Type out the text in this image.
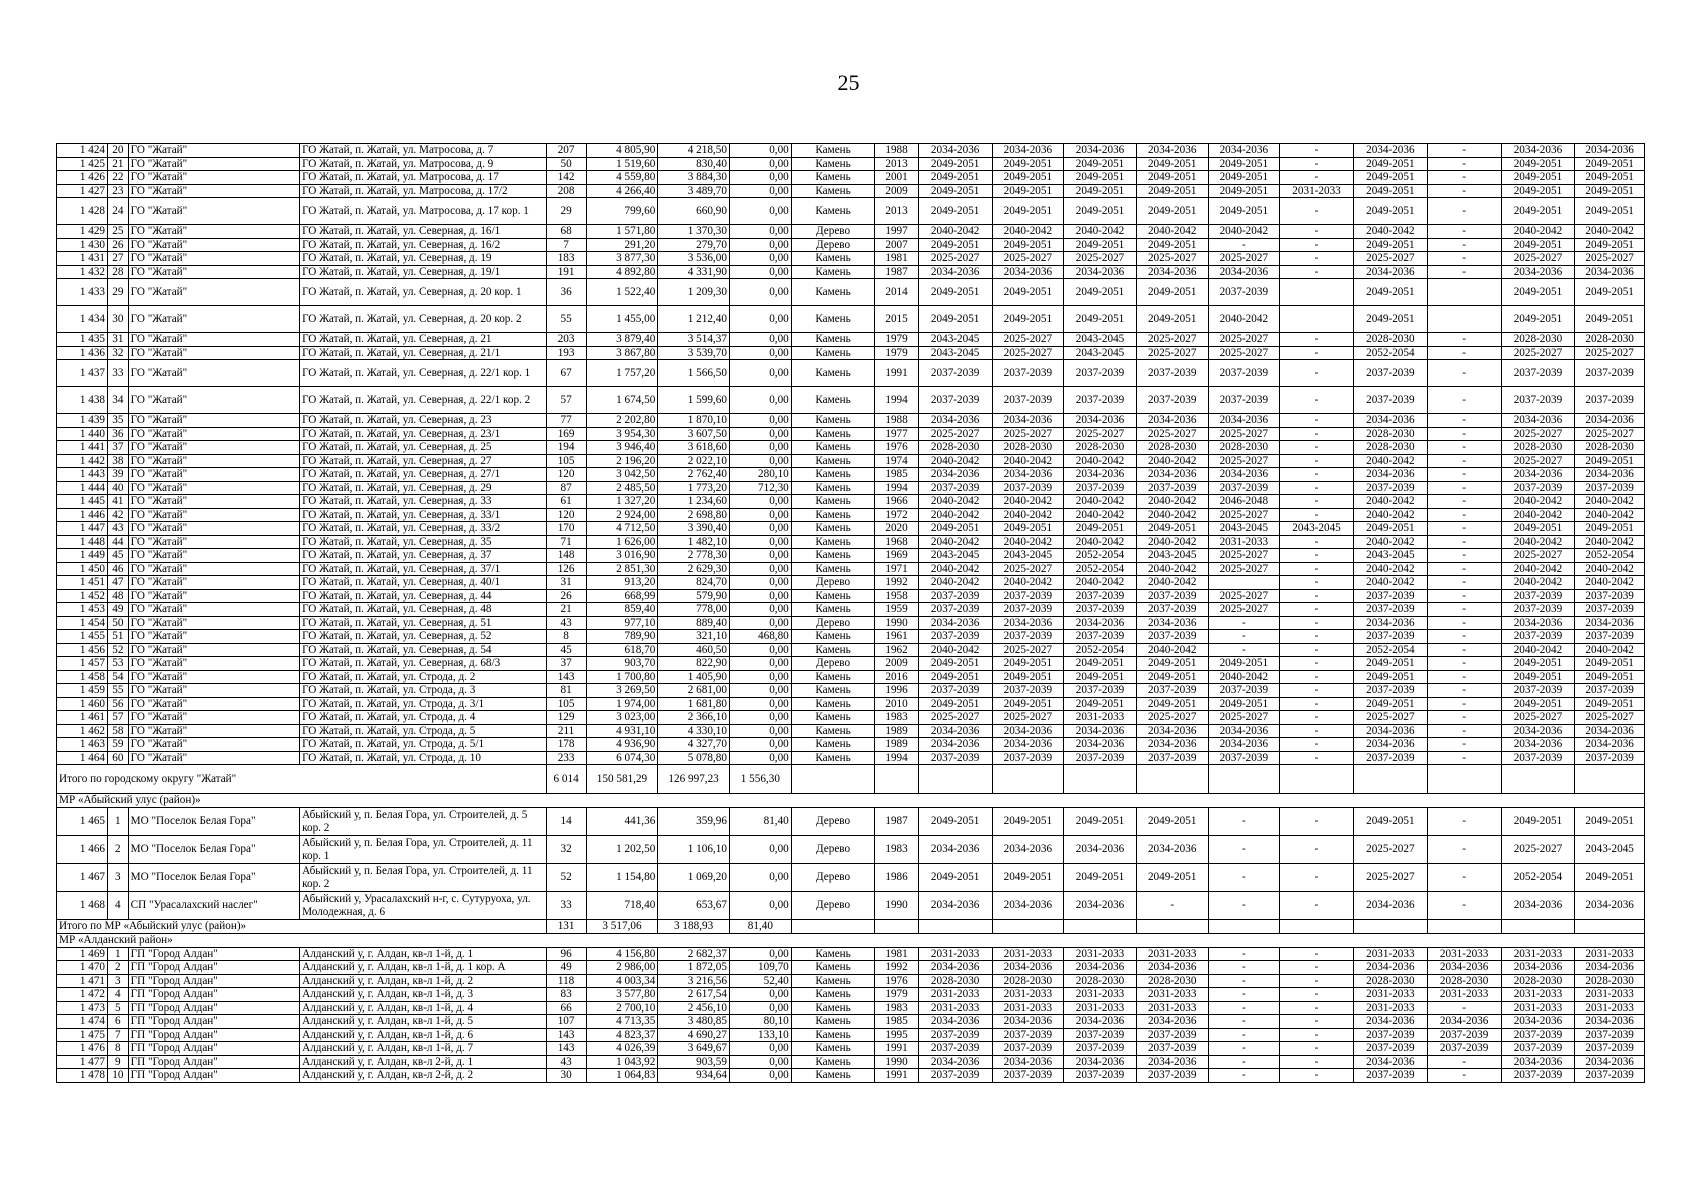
25
1 424	20	ГО "Жатай"	ГО Жатай, п. Жатай, ул. Матросова, д. 7	207	4 805,90	4 218,50	0,00	Камень	1988	2034-2036	2034-2036	2034-2036	2034-2036	2034-2036	-	2034-2036	-	2034-2036	2034-2036
1 425	21	ГО "Жатай"	ГО Жатай, п. Жатай, ул. Матросова, д. 9	50	1 519,60	830,40	0,00	Камень	2013	2049-2051	2049-2051	2049-2051	2049-2051	2049-2051	-	2049-2051	-	2049-2051	2049-2051
1 426	22	ГО "Жатай"	ГО Жатай, п. Жатай, ул. Матросова, д. 17	142	4 559,80	3 884,30	0,00	Камень	2001	2049-2051	2049-2051	2049-2051	2049-2051	2049-2051	-	2049-2051	-	2049-2051	2049-2051
1 427	23	ГО "Жатай"	ГО Жатай, п. Жатай, ул. Матросова, д. 17/2	208	4 266,40	3 489,70	0,00	Камень	2009	2049-2051	2049-2051	2049-2051	2049-2051	2049-2051	2031-2033	2049-2051	-	2049-2051	2049-2051
1 428	24	ГО "Жатай"	ГО Жатай, п. Жатай, ул. Матросова, д. 17 кор. 1	29	799,60	660,90	0,00	Камень	2013	2049-2051	2049-2051	2049-2051	2049-2051	2049-2051	-	2049-2051	-	2049-2051	2049-2051
1 429	25	ГО "Жатай"	ГО Жатай, п. Жатай, ул. Северная, д. 16/1	68	1 571,80	1 370,30	0,00	Дерево	1997	2040-2042	2040-2042	2040-2042	2040-2042	2040-2042	-	2040-2042	-	2040-2042	2040-2042
1 430	26	ГО "Жатай"	ГО Жатай, п. Жатай, ул. Северная, д. 16/2	7	291,20	279,70	0,00	Дерево	2007	2049-2051	2049-2051	2049-2051	2049-2051	-	-	2049-2051	-	2049-2051	2049-2051
1 431	27	ГО "Жатай"	ГО Жатай, п. Жатай, ул. Северная, д. 19	183	3 877,30	3 536,00	0,00	Камень	1981	2025-2027	2025-2027	2025-2027	2025-2027	2025-2027	-	2025-2027	-	2025-2027	2025-2027
1 432	28	ГО "Жатай"	ГО Жатай, п. Жатай, ул. Северная, д. 19/1	191	4 892,80	4 331,90	0,00	Камень	1987	2034-2036	2034-2036	2034-2036	2034-2036	2034-2036	-	2034-2036	-	2034-2036	2034-2036
1 433	29	ГО "Жатай"	ГО Жатай, п. Жатай, ул. Северная, д. 20 кор. 1	36	1 522,40	1 209,30	0,00	Камень	2014	2049-2051	2049-2051	2049-2051	2049-2051	2037-2039		2049-2051		2049-2051	2049-2051
1 434	30	ГО "Жатай"	ГО Жатай, п. Жатай, ул. Северная, д. 20 кор. 2	55	1 455,00	1 212,40	0,00	Камень	2015	2049-2051	2049-2051	2049-2051	2049-2051	2040-2042		2049-2051		2049-2051	2049-2051
1 435	31	ГО "Жатай"	ГО Жатай, п. Жатай, ул. Северная, д. 21	203	3 879,40	3 514,37	0,00	Камень	1979	2043-2045	2025-2027	2043-2045	2025-2027	2025-2027	-	2028-2030	-	2028-2030	2028-2030
1 436	32	ГО "Жатай"	ГО Жатай, п. Жатай, ул. Северная, д. 21/1	193	3 867,80	3 539,70	0,00	Камень	1979	2043-2045	2025-2027	2043-2045	2025-2027	2025-2027	-	2052-2054	-	2025-2027	2025-2027
1 437	33	ГО "Жатай"	ГО Жатай, п. Жатай, ул. Северная, д. 22/1 кор. 1	67	1 757,20	1 566,50	0,00	Камень	1991	2037-2039	2037-2039	2037-2039	2037-2039	2037-2039	-	2037-2039	-	2037-2039	2037-2039
1 438	34	ГО "Жатай"	ГО Жатай, п. Жатай, ул. Северная, д. 22/1 кор. 2	57	1 674,50	1 599,60	0,00	Камень	1994	2037-2039	2037-2039	2037-2039	2037-2039	2037-2039	-	2037-2039	-	2037-2039	2037-2039
1 439	35	ГО "Жатай"	ГО Жатай, п. Жатай, ул. Северная, д. 23	77	2 202,80	1 870,10	0,00	Камень	1988	2034-2036	2034-2036	2034-2036	2034-2036	2034-2036	-	2034-2036	-	2034-2036	2034-2036
1 440	36	ГО "Жатай"	ГО Жатай, п. Жатай, ул. Северная, д. 23/1	169	3 954,30	3 607,50	0,00	Камень	1977	2025-2027	2025-2027	2025-2027	2025-2027	2025-2027	-	2028-2030	-	2025-2027	2025-2027
1 441	37	ГО "Жатай"	ГО Жатай, п. Жатай, ул. Северная, д. 25	194	3 946,40	3 618,60	0,00	Камень	1976	2028-2030	2028-2030	2028-2030	2028-2030	2028-2030	-	2028-2030	-	2028-2030	2028-2030
1 442	38	ГО "Жатай"	ГО Жатай, п. Жатай, ул. Северная, д. 27	105	2 196,20	2 022,10	0,00	Камень	1974	2040-2042	2040-2042	2040-2042	2040-2042	2025-2027	-	2040-2042	-	2025-2027	2049-2051
1 443	39	ГО "Жатай"	ГО Жатай, п. Жатай, ул. Северная, д. 27/1	120	3 042,50	2 762,40	280,10	Камень	1985	2034-2036	2034-2036	2034-2036	2034-2036	2034-2036	-	2034-2036	-	2034-2036	2034-2036
1 444	40	ГО "Жатай"	ГО Жатай, п. Жатай, ул. Северная, д. 29	87	2 485,50	1 773,20	712,30	Камень	1994	2037-2039	2037-2039	2037-2039	2037-2039	2037-2039	-	2037-2039	-	2037-2039	2037-2039
1 445	41	ГО "Жатай"	ГО Жатай, п. Жатай, ул. Северная, д. 33	61	1 327,20	1 234,60	0,00	Камень	1966	2040-2042	2040-2042	2040-2042	2040-2042	2046-2048	-	2040-2042	-	2040-2042	2040-2042
1 446	42	ГО "Жатай"	ГО Жатай, п. Жатай, ул. Северная, д. 33/1	120	2 924,00	2 698,80	0,00	Камень	1972	2040-2042	2040-2042	2040-2042	2040-2042	2025-2027	-	2040-2042	-	2040-2042	2040-2042
1 447	43	ГО "Жатай"	ГО Жатай, п. Жатай, ул. Северная, д. 33/2	170	4 712,50	3 390,40	0,00	Камень	2020	2049-2051	2049-2051	2049-2051	2049-2051	2043-2045	2043-2045	2049-2051	-	2049-2051	2049-2051
1 448	44	ГО "Жатай"	ГО Жатай, п. Жатай, ул. Северная, д. 35	71	1 626,00	1 482,10	0,00	Камень	1968	2040-2042	2040-2042	2040-2042	2040-2042	2031-2033	-	2040-2042	-	2040-2042	2040-2042
1 449	45	ГО "Жатай"	ГО Жатай, п. Жатай, ул. Северная, д. 37	148	3 016,90	2 778,30	0,00	Камень	1969	2043-2045	2043-2045	2052-2054	2043-2045	2025-2027	-	2043-2045	-	2025-2027	2052-2054
1 450	46	ГО "Жатай"	ГО Жатай, п. Жатай, ул. Северная, д. 37/1	126	2 851,30	2 629,30	0,00	Камень	1971	2040-2042	2025-2027	2052-2054	2040-2042	2025-2027	-	2040-2042	-	2040-2042	2040-2042
1 451	47	ГО "Жатай"	ГО Жатай, п. Жатай, ул. Северная, д. 40/1	31	913,20	824,70	0,00	Дерево	1992	2040-2042	2040-2042	2040-2042	2040-2042		-	2040-2042	-	2040-2042	2040-2042
1 452	48	ГО "Жатай"	ГО Жатай, п. Жатай, ул. Северная, д. 44	26	668,99	579,90	0,00	Камень	1958	2037-2039	2037-2039	2037-2039	2037-2039	2025-2027	-	2037-2039	-	2037-2039	2037-2039
1 453	49	ГО "Жатай"	ГО Жатай, п. Жатай, ул. Северная, д. 48	21	859,40	778,00	0,00	Камень	1959	2037-2039	2037-2039	2037-2039	2037-2039	2025-2027	-	2037-2039	-	2037-2039	2037-2039
1 454	50	ГО "Жатай"	ГО Жатай, п. Жатай, ул. Северная, д. 51	43	977,10	889,40	0,00	Дерево	1990	2034-2036	2034-2036	2034-2036	2034-2036	-	-	2034-2036	-	2034-2036	2034-2036
1 455	51	ГО "Жатай"	ГО Жатай, п. Жатай, ул. Северная, д. 52	8	789,90	321,10	468,80	Камень	1961	2037-2039	2037-2039	2037-2039	2037-2039	-	-	2037-2039	-	2037-2039	2037-2039
1 456	52	ГО "Жатай"	ГО Жатай, п. Жатай, ул. Северная, д. 54	45	618,70	460,50	0,00	Камень	1962	2040-2042	2025-2027	2052-2054	2040-2042	-	-	2052-2054	-	2040-2042	2040-2042
1 457	53	ГО "Жатай"	ГО Жатай, п. Жатай, ул. Северная, д. 68/3	37	903,70	822,90	0,00	Дерево	2009	2049-2051	2049-2051	2049-2051	2049-2051	2049-2051	-	2049-2051	-	2049-2051	2049-2051
1 458	54	ГО "Жатай"	ГО Жатай, п. Жатай, ул. Строда, д. 2	143	1 700,80	1 405,90	0,00	Камень	2016	2049-2051	2049-2051	2049-2051	2049-2051	2040-2042	-	2049-2051	-	2049-2051	2049-2051
1 459	55	ГО "Жатай"	ГО Жатай, п. Жатай, ул. Строда, д. 3	81	3 269,50	2 681,00	0,00	Камень	1996	2037-2039	2037-2039	2037-2039	2037-2039	2037-2039	-	2037-2039	-	2037-2039	2037-2039
1 460	56	ГО "Жатай"	ГО Жатай, п. Жатай, ул. Строда, д. 3/1	105	1 974,00	1 681,80	0,00	Камень	2010	2049-2051	2049-2051	2049-2051	2049-2051	2049-2051	-	2049-2051	-	2049-2051	2049-2051
1 461	57	ГО "Жатай"	ГО Жатай, п. Жатай, ул. Строда, д. 4	129	3 023,00	2 366,10	0,00	Камень	1983	2025-2027	2025-2027	2031-2033	2025-2027	2025-2027	-	2025-2027	-	2025-2027	2025-2027
1 462	58	ГО "Жатай"	ГО Жатай, п. Жатай, ул. Строда, д. 5	211	4 931,10	4 330,10	0,00	Камень	1989	2034-2036	2034-2036	2034-2036	2034-2036	2034-2036	-	2034-2036	-	2034-2036	2034-2036
1 463	59	ГО "Жатай"	ГО Жатай, п. Жатай, ул. Строда, д. 5/1	178	4 936,90	4 327,70	0,00	Камень	1989	2034-2036	2034-2036	2034-2036	2034-2036	2034-2036	-	2034-2036	-	2034-2036	2034-2036
1 464	60	ГО "Жатай"	ГО Жатай, п. Жатай, ул. Строда, д. 10	233	6 074,30	5 078,80	0,00	Камень	1994	2037-2039	2037-2039	2037-2039	2037-2039	2037-2039	-	2037-2039	-	2037-2039	2037-2039
Итого по городскому округу "Жатай"				6 014	150 581,29	126 997,23	1 556,30												
МР «Абыйский улус (район)»																			
1 465	1	МО "Поселок Белая Гора"	Абыйский у, п. Белая Гора, ул. Строителей, д. 5 кор. 2	14	441,36	359,96	81,40	Дерево	1987	2049-2051	2049-2051	2049-2051	2049-2051	-	-	2049-2051	-	2049-2051	2049-2051
1 466	2	МО "Поселок Белая Гора"	Абыйский у, п. Белая Гора, ул. Строителей, д. 11 кор. 1	32	1 202,50	1 106,10	0,00	Дерево	1983	2034-2036	2034-2036	2034-2036	2034-2036	-	-	2025-2027	-	2025-2027	2043-2045
1 467	3	МО "Поселок Белая Гора"	Абыйский у, п. Белая Гора, ул. Строителей, д. 11 кор. 2	52	1 154,80	1 069,20	0,00	Дерево	1986	2049-2051	2049-2051	2049-2051	2049-2051	-	-	2025-2027	-	2052-2054	2049-2051
1 468	4	СП "Урасалахский наслег"	Абыйский у, Урасалахский н-г, с. Сутуруоха, ул. Молодежная, д. 6	33	718,40	653,67	0,00	Дерево	1990	2034-2036	2034-2036	2034-2036	-	-	-	2034-2036	-	2034-2036	2034-2036
Итого по МР «Абыйский улус (район)»				131	3 517,06	3 188,93	81,40												
МР «Алданский район»																			
1 469	1	ГП "Город Алдан"	Алданский у, г. Алдан, кв-л 1-й, д. 1	96	4 156,80	2 682,37	0,00	Камень	1981	2031-2033	2031-2033	2031-2033	2031-2033	-	-	2031-2033	2031-2033	2031-2033	2031-2033
1 470	2	ГП "Город Алдан"	Алданский у, г. Алдан, кв-л 1-й, д. 1 кор. А	49	2 986,00	1 872,05	109,70	Камень	1992	2034-2036	2034-2036	2034-2036	2034-2036	-	-	2034-2036	2034-2036	2034-2036	2034-2036
1 471	3	ГП "Город Алдан"	Алданский у, г. Алдан, кв-л 1-й, д. 2	118	4 003,34	3 216,56	52,40	Камень	1976	2028-2030	2028-2030	2028-2030	2028-2030	-	-	2028-2030	2028-2030	2028-2030	2028-2030
1 472	4	ГП "Город Алдан"	Алданский у, г. Алдан, кв-л 1-й, д. 3	83	3 577,80	2 617,54	0,00	Камень	1979	2031-2033	2031-2033	2031-2033	2031-2033	-	-	2031-2033	2031-2033	2031-2033	2031-2033
1 473	5	ГП "Город Алдан"	Алданский у, г. Алдан, кв-л 1-й, д. 4	66	2 700,10	2 456,10	0,00	Камень	1983	2031-2033	2031-2033	2031-2033	2031-2033	-	-	2031-2033	-	2031-2033	2031-2033
1 474	6	ГП "Город Алдан"	Алданский у, г. Алдан, кв-л 1-й, д. 5	107	4 713,35	3 480,85	80,10	Камень	1985	2034-2036	2034-2036	2034-2036	2034-2036	-	-	2034-2036	2034-2036	2034-2036	2034-2036
1 475	7	ГП "Город Алдан"	Алданский у, г. Алдан, кв-л 1-й, д. 6	143	4 823,37	4 690,27	133,10	Камень	1995	2037-2039	2037-2039	2037-2039	2037-2039	-	-	2037-2039	2037-2039	2037-2039	2037-2039
1 476	8	ГП "Город Алдан"	Алданский у, г. Алдан, кв-л 1-й, д. 7	143	4 026,39	3 649,67	0,00	Камень	1991	2037-2039	2037-2039	2037-2039	2037-2039	-	-	2037-2039	2037-2039	2037-2039	2037-2039
1 477	9	ГП "Город Алдан"	Алданский у, г. Алдан, кв-л 2-й, д. 1	43	1 043,92	903,59	0,00	Камень	1990	2034-2036	2034-2036	2034-2036	2034-2036	-	-	2034-2036	-	2034-2036	2034-2036
1 478	10	ГП "Город Алдан"	Алданский у, г. Алдан, кв-л 2-й, д. 2	30	1 064,83	934,64	0,00	Камень	1991	2037-2039	2037-2039	2037-2039	2037-2039	-	-	2037-2039	-	2037-2039	2037-2039
